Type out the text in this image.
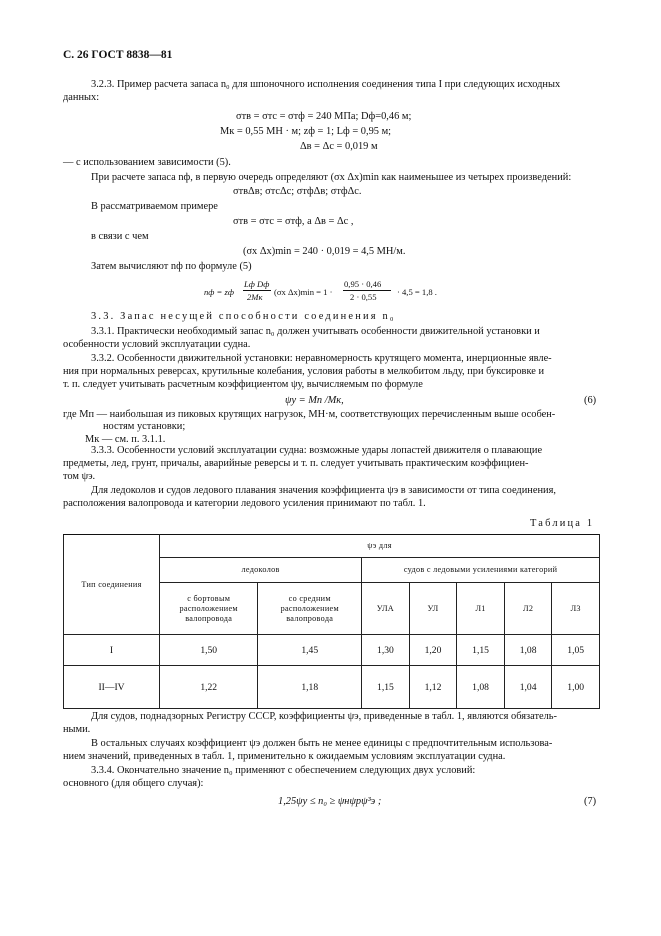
С. 26 ГОСТ 8838—81
3.2.3. Пример расчета запаса n₀ для шпоночного исполнения соединения типа I при следующих исходных
данных:
σтв = σтс = σтф = 240 МПа; Dф=0,46 м;
Mк = 0,55 МН · м; zф = 1; Lф = 0,95 м;
Δв = Δс = 0,019 м
— с использованием зависимости (5).
При расчете запаса nф, в первую очередь определяют (σx Δx)min как наименьшее из четырех произведений:
σтвΔв; σтсΔс; σтфΔв; σтфΔс.
В рассматриваемом примере
σтв = σтс = σтф, а Δв = Δс ,
в связи с чем
(σx Δx)min = 240 · 0,019 = 4,5 МН/м.
Затем вычисляют nф по формуле (5)
nф = zф
Lф Dф
2Mк (σx Δx)min = 1 ·
0,95 · 0,46
2 · 0,55 · 4,5 = 1,8 .
3.3. Запас несущей способности соединения n₀
3.3.1. Практически необходимый запас n₀ должен учитывать особенности движительной установки и
особенности условий эксплуатации судна.
3.3.2. Особенности движительной установки: неравномерность крутящего момента, инерционные явле-
ния при нормальных реверсах, крутильные колебания, условия работы в мелкобитом льду, при буксировке и
т. п. следует учитывать расчетным коэффициентом ψу, вычисляемым по формуле
ψу = Mп /Mк,	(6)
где Mп — наибольшая из пиковых крутящих нагрузок, МН·м, соответствующих перечисленным выше особен-
ностям установки;
Mк — см. п. 3.1.1.
3.3.3. Особенности условий эксплуатации судна: возможные удары лопастей движителя о плавающие
предметы, лед, грунт, причалы, аварийные реверсы и т. п. следует учитывать практическим коэффициен-
том ψэ.
Для ледоколов и судов ледового плавания значения коэффициента ψэ в зависимости от типа соединения,
расположения валопровода и категории ледового усиления принимают по табл. 1.
Таблица 1
Тип соединения	ψэ для						
	ледоколов		судов с ледовыми усилениями категорий				
	с бортовым расположением валопровода	со средним расположением валопровода	УЛА	УЛ	Л1	Л2	Л3
I	1,50	1,45	1,30	1,20	1,15	1,08	1,05
II—IV	1,22	1,18	1,15	1,12	1,08	1,04	1,00
Для судов, поднадзорных Регистру СССР, коэффициенты ψэ, приведенные в табл. 1, являются обязатель-
ными.
В остальных случаях коэффициент ψэ должен быть не менее единицы с предпочтительным использова-
нием значений, приведенных в табл. 1, применительно к ожидаемым условиям эксплуатации судна.
3.3.4. Окончательно значение n₀ применяют с обеспечением следующих двух условий:
основного (для общего случая):
1,25ψу ≤ n₀ ≥ ψнψрψ³э ;	(7)
